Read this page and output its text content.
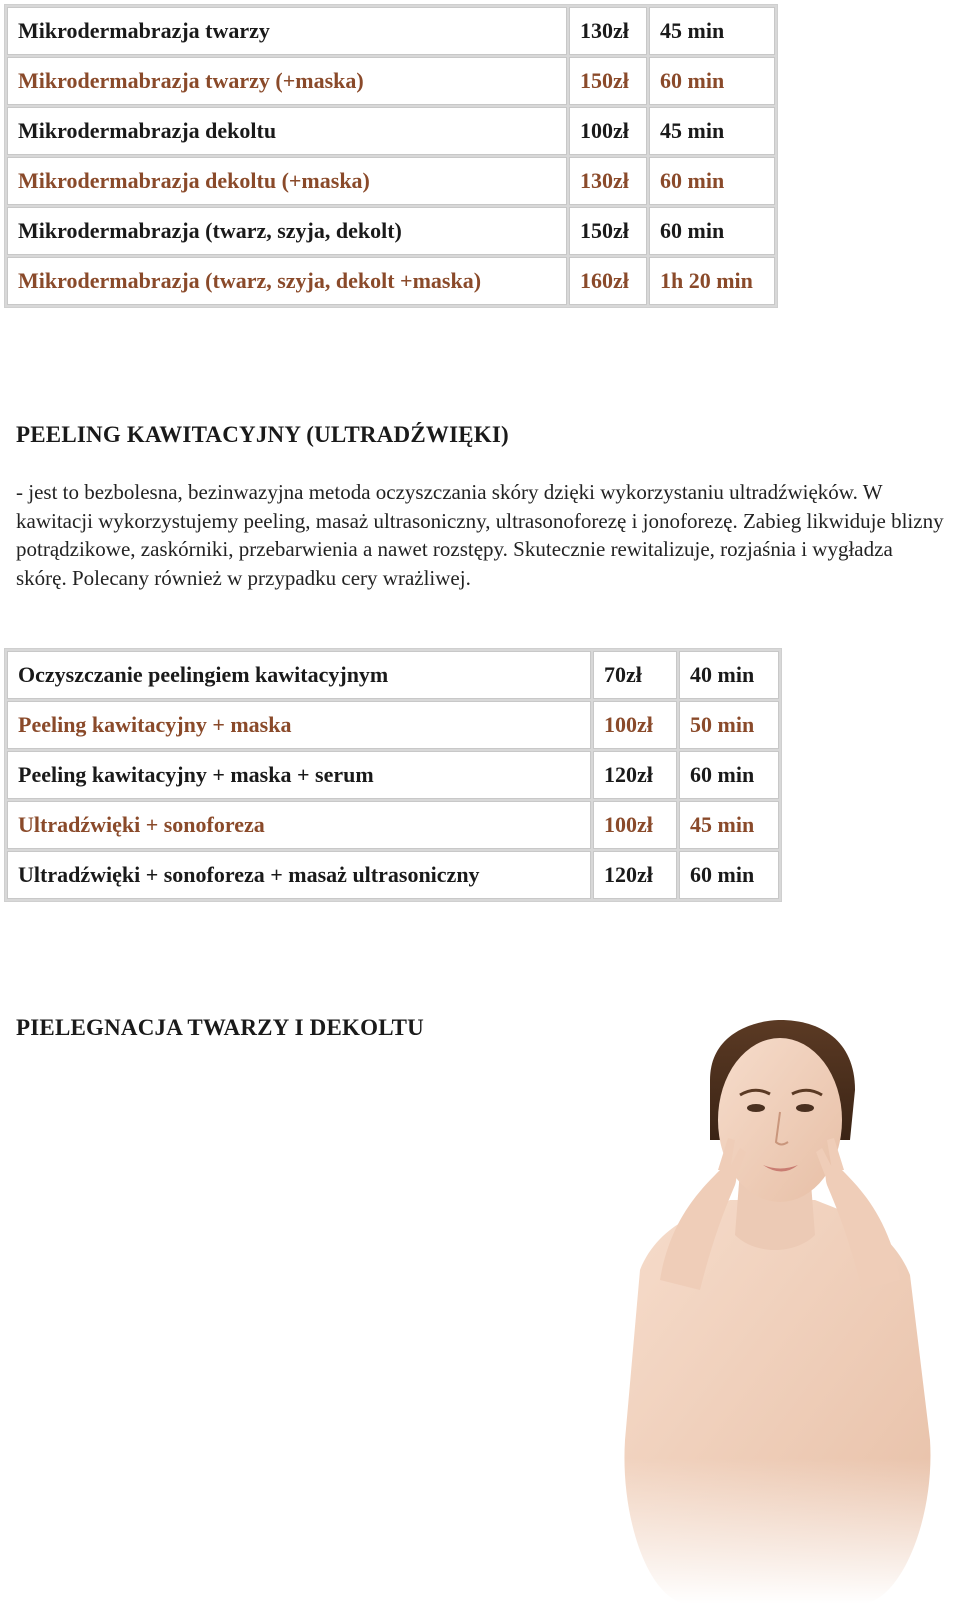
Mikrodermabrazja twarzy	130zł	45 min
Mikrodermabrazja twarzy (+maska)	150zł	60 min
Mikrodermabrazja dekoltu	100zł	45 min
Mikrodermabrazja dekoltu (+maska)	130zł	60 min
Mikrodermabrazja (twarz, szyja, dekolt)	150zł	60 min
Mikrodermabrazja (twarz, szyja, dekolt +maska)	160zł	1h 20 min
PEELING KAWITACYJNY (ULTRADŹWIĘKI)

- jest to bezbolesna, bezinwazyjna metoda oczyszczania skóry dzięki wykorzystaniu ultradźwięków. W kawitacji wykorzystujemy peeling, masaż ultrasoniczny, ultrasonoforezę i jonoforezę. Zabieg likwiduje blizny potrądzikowe, zaskórniki, przebarwienia a nawet rozstępy. Skutecznie rewitalizuje, rozjaśnia i wygładza skórę. Polecany również w przypadku cery wrażliwej.

Oczyszczanie peelingiem kawitacyjnym	70zł	40 min
Peeling kawitacyjny + maska	100zł	50 min
Peeling kawitacyjny + maska + serum	120zł	60 min
Ultradźwięki + sonoforeza	100zł	45 min
Ultradźwięki + sonoforeza + masaż ultrasoniczny	120zł	60 min
PIELEGNACJA TWARZY I DEKOLTU
